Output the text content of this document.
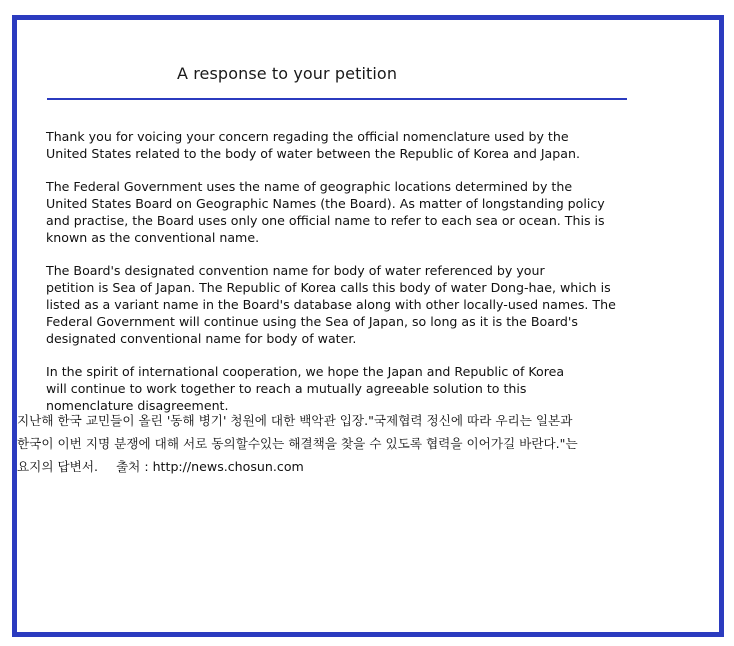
A response to your petition

Thank you for voicing your concern regading the official nomenclature used by the
United States related to the body of water between the Republic of Korea and Japan.

The Federal Government uses the name of geographic locations determined by the
United States Board on Geographic Names (the Board). As matter of longstanding policy
and practise, the Board uses only one official name to refer to each sea or ocean. This is
known as the conventional name.

The Board's designated convention name for body of water referenced by your
petition is Sea of Japan. The Republic of Korea calls this body of water Dong-hae, which is
listed as a variant name in the Board's database along with other locally-used names. The
Federal Government will continue using the Sea of Japan, so long as it is the Board's
designated conventional name for body of water.

In the spirit of international cooperation, we hope the Japan and Republic of Korea
will continue to work together to reach a mutually agreeable solution to this
nomenclature disagreement.

지난해 한국 교민들이 올린 '동해 병기' 청원에 대한 백악관 입장."국제협력 정신에 따라 우리는 일본과

한국이 이번 지명 분쟁에 대해 서로 동의할수있는 해결책을 찾을 수 있도록 협력을 이어가길 바란다."는

요지의 답변서. 출처 : http://news.chosun.com
